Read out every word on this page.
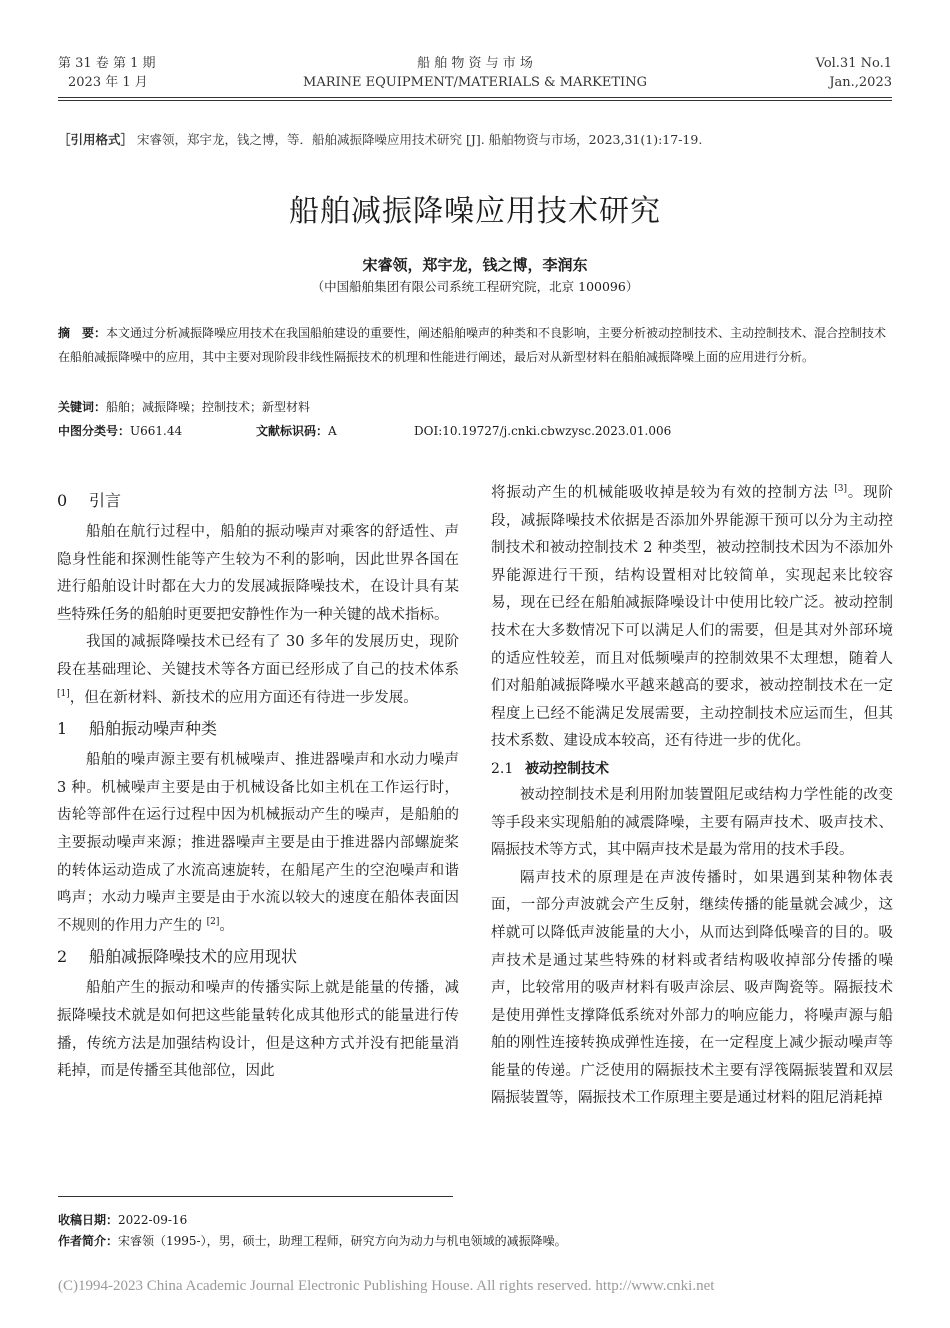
第 31 卷 第 1 期
2023 年 1 月
船 舶 物 资 与 市 场
MARINE EQUIPMENT/MATERIALS & MARKETING
Vol.31 No.1
Jan.,2023
［引用格式］ 宋睿领，郑宇龙，钱之博，等．船舶减振降噪应用技术研究 [J]. 船舶物资与市场，2023,31(1):17-19.
船舶减振降噪应用技术研究
宋睿领，郑宇龙，钱之博，李润东
（中国船舶集团有限公司系统工程研究院，北京 100096）
摘　要：本文通过分析减振降噪应用技术在我国船舶建设的重要性，阐述船舶噪声的种类和不良影响，主要分析被动控制技术、主动控制技术、混合控制技术在船舶减振降噪中的应用，其中主要对现阶段非线性隔振技术的机理和性能进行阐述，最后对从新型材料在船舶减振降噪上面的应用进行分析。
关键词：船舶；减振降噪；控制技术；新型材料
中图分类号：U661.44	文献标识码：A	DOI:10.19727/j.cnki.cbwzysc.2023.01.006
0 引言

船舶在航行过程中，船舶的振动噪声对乘客的舒适性、声隐身性能和探测性能等产生较为不利的影响，因此世界各国在进行船舶设计时都在大力的发展减振降噪技术，在设计具有某些特殊任务的船舶时更要把安静性作为一种关键的战术指标。

我国的减振降噪技术已经有了 30 多年的发展历史，现阶段在基础理论、关键技术等各方面已经形成了自己的技术体系 [1]，但在新材料、新技术的应用方面还有待进一步发展。

1 船舶振动噪声种类

船舶的噪声源主要有机械噪声、推进器噪声和水动力噪声 3 种。机械噪声主要是由于机械设备比如主机在工作运行时，齿轮等部件在运行过程中因为机械振动产生的噪声，是船舶的主要振动噪声来源；推进器噪声主要是由于推进器内部螺旋桨的转体运动造成了水流高速旋转，在船尾产生的空泡噪声和谐鸣声；水动力噪声主要是由于水流以较大的速度在船体表面因不规则的作用力产生的 [2]。

2 船舶减振降噪技术的应用现状

船舶产生的振动和噪声的传播实际上就是能量的传播，减振降噪技术就是如何把这些能量转化成其他形式的能量进行传播，传统方法是加强结构设计，但是这种方式并没有把能量消耗掉，而是传播至其他部位，因此

将振动产生的机械能吸收掉是较为有效的控制方法 [3]。现阶段，减振降噪技术依据是否添加外界能源干预可以分为主动控制技术和被动控制技术 2 种类型，被动控制技术因为不添加外界能源进行干预，结构设置相对比较简单，实现起来比较容易，现在已经在船舶减振降噪设计中使用比较广泛。被动控制技术在大多数情况下可以满足人们的需要，但是其对外部环境的适应性较差，而且对低频噪声的控制效果不太理想，随着人们对船舶减振降噪水平越来越高的要求，被动控制技术在一定程度上已经不能满足发展需要，主动控制技术应运而生，但其技术系数、建设成本较高，还有待进一步的优化。

2.1 被动控制技术

被动控制技术是利用附加装置阻尼或结构力学性能的改变等手段来实现船舶的减震降噪，主要有隔声技术、吸声技术、隔振技术等方式，其中隔声技术是最为常用的技术手段。

隔声技术的原理是在声波传播时，如果遇到某种物体表面，一部分声波就会产生反射，继续传播的能量就会减少，这样就可以降低声波能量的大小，从而达到降低噪音的目的。吸声技术是通过某些特殊的材料或者结构吸收掉部分传播的噪声，比较常用的吸声材料有吸声涂层、吸声陶瓷等。隔振技术是使用弹性支撑降低系统对外部力的响应能力，将噪声源与船舶的刚性连接转换成弹性连接，在一定程度上减少振动噪声等能量的传递。广泛使用的隔振技术主要有浮筏隔振装置和双层隔振装置等，隔振技术工作原理主要是通过材料的阻尼消耗掉

收稿日期：2022-09-16
作者简介：宋睿领（1995-），男，硕士，助理工程师，研究方向为动力与机电领域的减振降噪。
(C)1994-2023 China Academic Journal Electronic Publishing House. All rights reserved. http://www.cnki.net
